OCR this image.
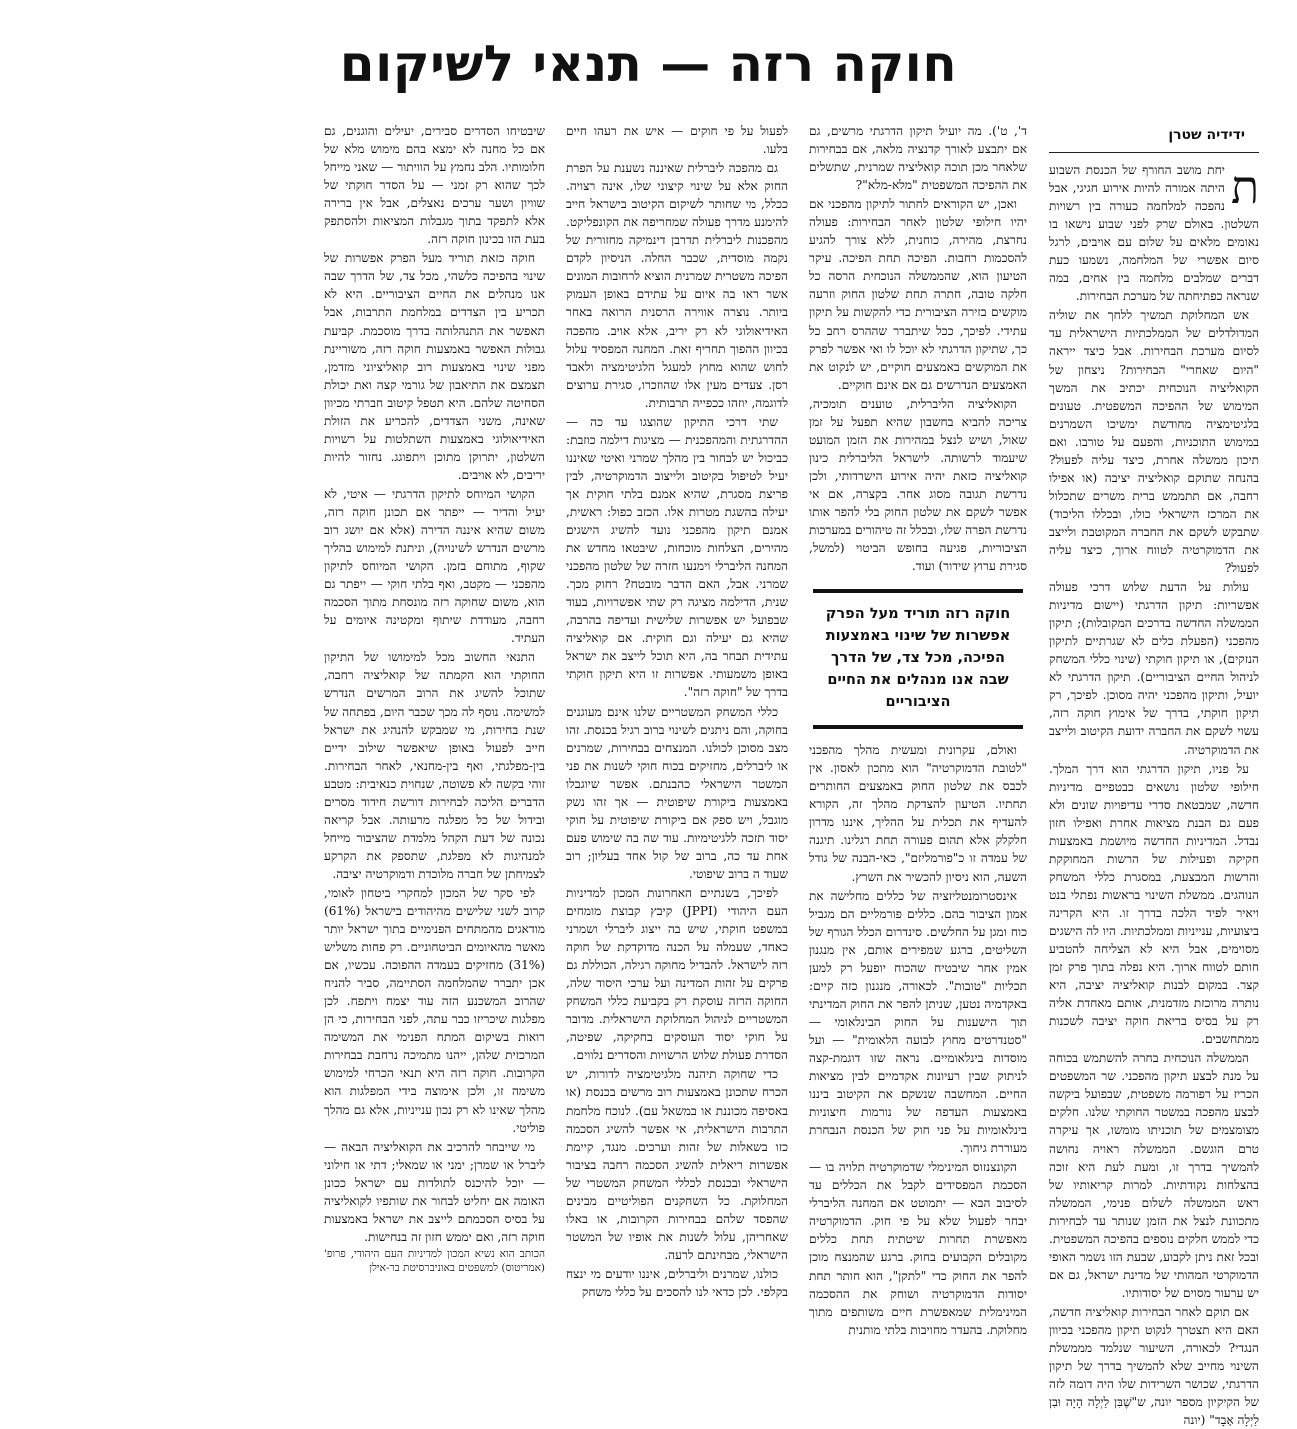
חוקה רזה — תנאי לשיקום
ידידיה שטרן
ת

יחת מושב החורף של הכנסת השבוע היתה אמורה להיות אירוע חגיגי, אבל נהפכה למלחמה כעורה בין רשויות השלטון. באולם שרק לפני שבוע נישאו בו נאומים מלאים על שלום עם אויבים, לרגל סיום אפשרי של המלחמה, נשמעו כעת דברים שמלבים מלחמה בין אחים, במה שנראה כפתיחתה של מערכת הבחירות.

אש המחלוקת תמשיך ללחך את שוליה המדולדלים של הממלכתיות הישראלית עד לסיום מערכת הבחירות. אבל כיצד ייראה "היום שאחרי" הבחירות? ניצחון של הקואליציה הנוכחית יכתיב את המשך המימוש של ההפיכה המשפטית. טעונים בלגיטימציה מחודשת ימשיכו השמרנים במימוש התוכניות, והפעם על טורבו. ואם תיכון ממשלה אחרת, כיצד עליה לפעול? בהנחה שתוקם קואליציה יציבה (או אפילו רחבה, אם תתממש ברית משרים שתכלול את המרכז הישראלי כולו, ובכללו הליכוד) שתבקש לשקם את החברה המקוטבת ולייצב את הדמוקרטיה לטווח ארוך, כיצד עליה לפעול?

עולות על הדעת שלוש דרכי פעולה אפשריות: תיקון הדרגתי (יישום מדיניות הממשלה החדשה בדרכים המקובלות); תיקון מהפכני (הפעלת כלים לא שגרתיים לתיקון הנזקים), או תיקון חוקתי (שינוי כללי המשחק לניהול החיים הציבוריים). תיקון הדרגתי לא יועיל, ותיקון מהפכני יהיה מסוכן. לפיכך, רק תיקון חוקתי, בדרך של אימוץ חוקה רזה, עשוי לשקם את החברה ידועת הקיטוב ולייצב את הדמוקרטיה.

על פניו, תיקון הדרגתי הוא דרך המלך. חילופי שלטון נושאים כבטפיים מדיניות חדשה, שמבטאת סדרי עדיפויות שונים ולא פעם גם הבנת מציאות אחרת ואפילו חזון נבדל. המדיניות החדשה מיושמת באמצעות חקיקה ופעילות של הרשות המחוקקת והרשות המבצעת, במסגרת כללי המשחק הנוהגים. ממשלת השינוי בראשות נפתלי בנט ויאיר לפיד הלכה בדרך זו. היא הקרינה ביצועיות, ענייניות וממלכתיות. היו לה הישגים מסוימים, אבל היא לא הצליחה להטביע חותם לטווח ארוך. היא נפלה בתוך פרק זמן קצר. במקום לבנות קואליציה יציבה, היא נותרה מרוכזת מזדמנית, אותם מאחדת אליה רק על בסיס בריאת חוקה יציבה לשכנות ממתחשבים.

הממשלה הנוכחית בחרה להשתמש בכוחה על מנת לבצע תיקון מהפכני. שר המשפטים הכריז על רפורמה משפטית, שבפועל ביקשה לבצע מהפכה במשטר החוקתי שלנו. חלקים מצומצמים של תוכניתו מומשו, אך עיקרה טרם הוגשם. הממשלה ראויה נחושה להמשיך בדרך זו, ומעת לעת היא זוכה בהצלחות נקודתיות. למרות קריאותיו של ראש הממשלה לשלום פנימי, הממשלה מתכוונת לנצל את הזמן שנותר עד לבחירות כדי לממש חלקים נוספים בהפיכה המשפטית. ובכל זאת ניתן לקבוע, שבעת הזו נשמר האופי הדמוקרטי המהותי של מדינת ישראל, גם אם יש ערעור מסוים של יסודותיו.

אם תוקם לאחר הבחירות קואליציה חדשה, האם היא תצטרך לנקוט תיקון מהפכני בכיוון הנגדי? לכאורה, השיעור שנלמד מממשלת השינוי מחייב שלא להמשיך בדרך של תיקון הדרגתי, שכושר השרידות שלו היה דומה לזה של הקיקיון מספר יונה, ש"שֶׁבִּן לַיְלָה הָיָה וּבִן לַיְלָה אָבָד" (יונה

ד', ט'). מה יועיל תיקון הדרגתי מרשים, גם אם יתבצע לאורך קדנציה מלאה, אם בבחירות שלאחר מכן תוכה קואליציה שמרנית, שתשלים את ההפיכה המשפטית "מלא-מלא"?

ואכן, יש הקוראים לחתור לתיקון מהפכני אם יהיו חילופי שלטון לאחר הבחירות: פעולה נחרצת, מהירה, כוחנית, ללא צורך להגיע להסכמות רחבות. הפיכה תחת הפיכה. עיקר הטיעון הוא, שהממשלה הנוכחית הרסה כל חלקה טובה, חתרה תחת שלטון החוק וזרעה מוקשים בזירה הציבורית כדי להקשות על תיקון עתידי. לפיכך, ככל שיתברר שההרס רחב כל כך, שתיקון הדרגתי לא יוכל לו ואי אפשר לפרק את המוקשים באמצעים חוקיים, יש לנקוט את האמצעים הנדרשים גם אם אינם חוקיים.

הקואליציה הליברלית, טוענים תומכיה, צריכה להביא בחשבון שהיא תפעל על זמן שאול, ושיש לנצל במהירות את הזמן המועט שיעמוד לרשותה. לישראל הליברלית כינון קואליציה כזאת יהיה אירוע הישרדותי, ולכן נדרשת תגובה מסוג אחר. בקצרה, אם אי אפשר לשקם את שלטון החוק בלי להפר אותו נדרשת הפרה שלו, ובכלל זה טיהורים במערכות הציבוריות, פגיעה בחופש הביטוי (למשל, סגירת ערוץ שידור) ועוד.

חוקה רזה תוריד מעל הפרק אפשרות של שינוי באמצעות הפיכה, מכל צד, של הדרך שבה אנו מנהלים את החיים הציבוריים

ואולם, עקרונית ומעשית מהלך מהפכני "לטובת הדמוקרטיה" הוא מתכון לאסון. אין לכבס את שלטון החוק באמצעים החותרים תחתיו. הטיעון להצדקת מהלך זה, הקורא להעדיף את תכלית על ההליך, איננו מדרון חלקלק אלא תהום פעורה תחת רגלינו. תיגנה של עמדה זו כ"פורמליזם", כאי-הבנה של גודל השעה, הוא ניסיון להכשיר את השרץ.

אינסטרומנטליזציה של כללים מחלישה את אמון הציבור בהם. כללים פורמליים הם מגביל כוח ומגן על החלשים. סינדרום הכלל הגורף של השליטים, ברגע שמפירים אותם, אין מנגנון אמין אחר שיבטיח שהכוח יופעל רק למען תכליות "טובות". לכאורה, מנגנון כזה קיים: באקדמיה נטען, שניתן להפר את החוק המדינתי תוך הישענות על החוק הבינלאומי — "סטנדרטים מחוץ לבועה הלאומית" — ועל מוסדות בינלאומיים. נראה שזו דוגמת-קצה לניתוק שבין רעיונות אקדמיים לבין מציאות החיים. המחשבה שנשקם את הקיטוב ביננו באמצעות העדפה של נורמות חיצוניות בינלאומיות על פני חוק של הכנסת הנבחרת מעוררת גיחוך.

הקונצנזוס המינימלי שדמוקרטיה תלויה בו — הסכמת המפסידים לקבל את הכללים עד לסיבוב הבא — יתמוטט אם המחנה הליברלי יבחר לפעול שלא על פי חוק. הדמוקרטיה מאפשרת תחרות שיטתית תחת כללים מקובלים הקבועים בחוק. ברגע שהמנצח מוכן להפר את החוק כדי "לתקן", הוא חותר תחת יסודות הדמוקרטיה ושוחק את ההסכמה המינימלית שמאפשרת חיים משותפים מתוך מחלוקת. בהעדר מחויבות בלתי מותנית

לפעול על פי חוקים — איש את רעהו חיים בלעו.

גם מהפכה ליברלית שאיננה נשענת על הפרת החוק אלא על שינוי קיצוני שלו, אינה רצויה. ככלל, מי שחותר לשיקום הקיטוב בישראל חייב להימנע מדרך פעולה שמחריפה את הקונפליקט. מהפכנות ליברלית תדרבן דינמיקה מחזורית של נקמה מוסדית, שכבר החלה. הניסיון לקדם הפיכה משטרית שמרנית הוציא לרחובות המונים אשר ראו בה איום על עתידם באופן העמוק ביותר. נוצרה אווירה הרסנית הרואה באחר האידיאולוגי לא רק יריב, אלא אויב. מהפכה בכיוון ההפוך תחריף זאת. המחנה המפסיד עלול לחוש שהוא מחוץ למעגל הלגיטימציה ולאבד רסן. צעדים מעין אלו שהוזכרו, סגירת ערוצים לדוגמה, יוזהו ככפייה תרבותית.

שתי דרכי התיקון שהוצגו עד כה — ההדרגתית והמהפכנית — מציגות דילמה כוזבת: כביכול יש לבחור בין מהלך שמרני ואיטי שאיננו יעיל לטיפול בקיטוב ולייצוב הדמוקרטיה, לבין פריצת מסגרת, שהיא אמנם בלתי חוקית אך יעילה בהשגת מטרות אלו. הכזב כפול: ראשית, אמנם תיקון מהפכני נועד להשיג הישגים מהירים, הצלחות מוכחות, שיבטאו מחדש את המחנה הליברלי וימנעו חזרה של שלטון מהפכני שמרני. אבל, האם הדבר מובטח? רחוק מכך. שנית, הדילמה מציגה רק שתי אפשרויות, בעוד שבפועל יש אפשרות שלישית ועדיפה בהרבה, שהיא גם יעילה וגם חוקית. אם קואליציה עתידית תבחר בה, היא תוכל לייצב את ישראל באופן משמעותי. אפשרות זו היא תיקון חוקתי בדרך של "חוקה רזה".

כללי המשחק המשטריים שלנו אינם מעוגנים בחוקה, והם ניתנים לשינוי ברוב רגיל בכנסת. זהו מצב מסוכן לכולנו. המנצחים בבחירות, שמרנים או ליברלים, מחזיקים בכוח חוקי לשנות את פני המשטר הישראלי כהבנתם. אפשר שיוגבלו באמצעות ביקורת שיפוטית — אך זהו נשק מוגבל, ויש ספק אם ביקורת שיפוטית על חוקי יסוד תזכה ללגיטימיות. עוד שה בה שימוש פעם אחת עד כה, ברוב של קול אחד בעליון; רוב שעוד ה ברוב שיפוטי.

לפיכך, בשנתיים האחרונות המכון למדיניות העם היהודי (JPPI) קיבץ קבוצת מומחים במשפט חוקתי, שיש בה ייצוג ליברלי ושמרני כאחד, שעמלה על הכנה מדוקדקת של חוקה רזה לישראל. להבדיל מחוקה רגילה, הכוללת גם פרקים על זהות המדינה ועל ערכי היסוד שלה, החוקה הרזה עוסקת רק בקביעת כללי המשחק המשטריים לניהול המחלוקת הישראלית. מדובר על חוקי יסוד העוסקים בחקיקה, שפיטה, הסדרת פעולת שלוש הרשויות והסדרים נלווים.

כדי שחוקה תיהנה מלגיטימציה לדורות, יש הכרח שתכונן באמצעות רוב מרשים בכנסת (או באסיפה מכוננת או במשאל עם). לנוכח מלחמת התרבות הישראלית, אי אפשר להשיג הסכמה כזו בשאלות של זהות וערכים. מנגד, קיימת אפשרות ריאלית להשיג הסכמה רחבה בציבור הישראלי ובכנסת לכללי המשחק המשטרי של המחלוקת. כל השחקנים הפוליטיים מבינים שהפסד שלהם בבחירות הקרובות, או באלו שאחריהן, עלול לשנות את אופיו של המשטר הישראלי, מבחינתם לרעה.

כולנו, שמרנים וליברלים, איננו יודעים מי ינצח בקלפי. לכן כדאי לנו להסכים על כללי משחק

שיבטיחו הסדרים סבירים, יעילים והוגנים, גם אם כל מחנה לא ימצא בהם מימוש מלא של חלומותיו. הלב נחמץ על הוויתור — שאני מייחל לכך שהוא רק זמני — על הסדר חוקתי של שוויון ושער ערכים נאצלים, אבל אין ברירה אלא לתפקד בתוך מגבלות המציאות ולהסתפק בעת הזו בכינון חוקה רזה.

חוקה כזאת תוריד מעל הפרק אפשרות של שינוי בהפיכה כלשהי, מכל צד, של הדרך שבה אנו מנהלים את החיים הציבוריים. היא לא תכריע בין הצדדים במלחמת התרבות, אבל תאפשר את התנהלותה בדרך מוסכמת. קביעת גבולות האפשר באמצעות חוקה רזה, משוריינת מפני שינוי באמצעות רוב קואליציוני מזדמן, תצמצם את התיאבון של גורמי קצה ואת יכולת הסחיטה שלהם. היא תטפל קיטוב חברתי מכיוון שאינה, משני הצדדים, להכריע את הזולת האידיאולוגי באמצעות השתלטות על רשויות השלטון, יתרוקן מתוכן ויתפוגג. נחזור להיות יריבים, לא אויבים.

הקושי המיוחס לתיקון הדרגתי — איטי, לא יעיל והדיר — ייפתר אם תכונן חוקה רזה, משום שהיא איננה הדירה (אלא אם יושג רוב מרשים הנדרש לשינויה), וניתנת למימוש בהליך שקוף, מתוחם בזמן. הקושי המיוחס לתיקון מהפכני — מקטב, ואף בלתי חוקי — ייפתר גם הוא, משום שחוקה רזה מונסחת מתוך הסכמה רחבה, מעודדת שיתוף ומקטינה איומים על העתיד.

התנאי החשוב מכל למימושו של התיקון החוקתי הוא הקמתה של קואליציה רחבה, שתוכל להשיג את הרוב המרשים הנדרש למשימה. נוסף לה מכך שכבר היום, בפתחה של שנת בחירות, מי שמבקש להנהיג את ישראל חייב לפעול באופן שיאפשר שילוב ידיים בין-מפלגתי, ואף בין-מחנאי, לאחר הבחירות. זוהי בקשה לא פשוטה, שנחוית כנאיבית: מטבע הדברים הליכה לבחירות דורשת חידוד מסרים ובידול של כל מפלגה מרעותה. אבל קריאה נכונה של דעת הקהל מלמדת שהציבור מייחל למנהיגות לא מפלגת, שתספק את הקרקע לצמיחתן של חברה מלוכדת ודמוקרטיה יציבה.

לפי סקר של המכון למחקרי ביטחון לאומי, קרוב לשני שלישים מהיהודים בישראל (61%) מודאגים מהמתחים הפנימיים בתוך ישראל יותר מאשר מהאיומים הביטחוניים. רק פחות משליש (31%) מחזיקים בעמדה ההפוכה. עכשיו, אם אכן יתברר שהמלחמה הסתיימה, סביר להניח שהרוב המשכנע הזה עוד יצמח ויתפח. לכן מפלגות שיכריזו כבר עתה, לפני הבחירות, כי הן רואות בשיקום המתח הפנימי את המשימה המרכזית שלהן, ייהנו מתמיכה נרחבת בבחירות הקרובות. חוקה רזה היא תנאי הכרחי למימוש משימה זו, ולכן אימוצה בידי המפלגות הוא מהלך שאינו לא רק נכון ענייניות, אלא גם מהלך פוליטי.

מי שייבחר להרכיב את הקואליציה הבאה — ליברל או שמרן; ימני או שמאלי; דתי או חילוני — יוכל להיכנס לתולדות עם ישראל ככונן האומה אם יחליט לבחור את שותפיו לקואליציה על בסיס הסכמתם לייצב את ישראל באמצעות חוקה רזה, ואם יממש חזון זה בנחישות.

הכותב הוא נשיא המכון למדיניות העם היהודי, פרופ' (אמריטוס) למשפטים באוניברסיטת בר-אילן
